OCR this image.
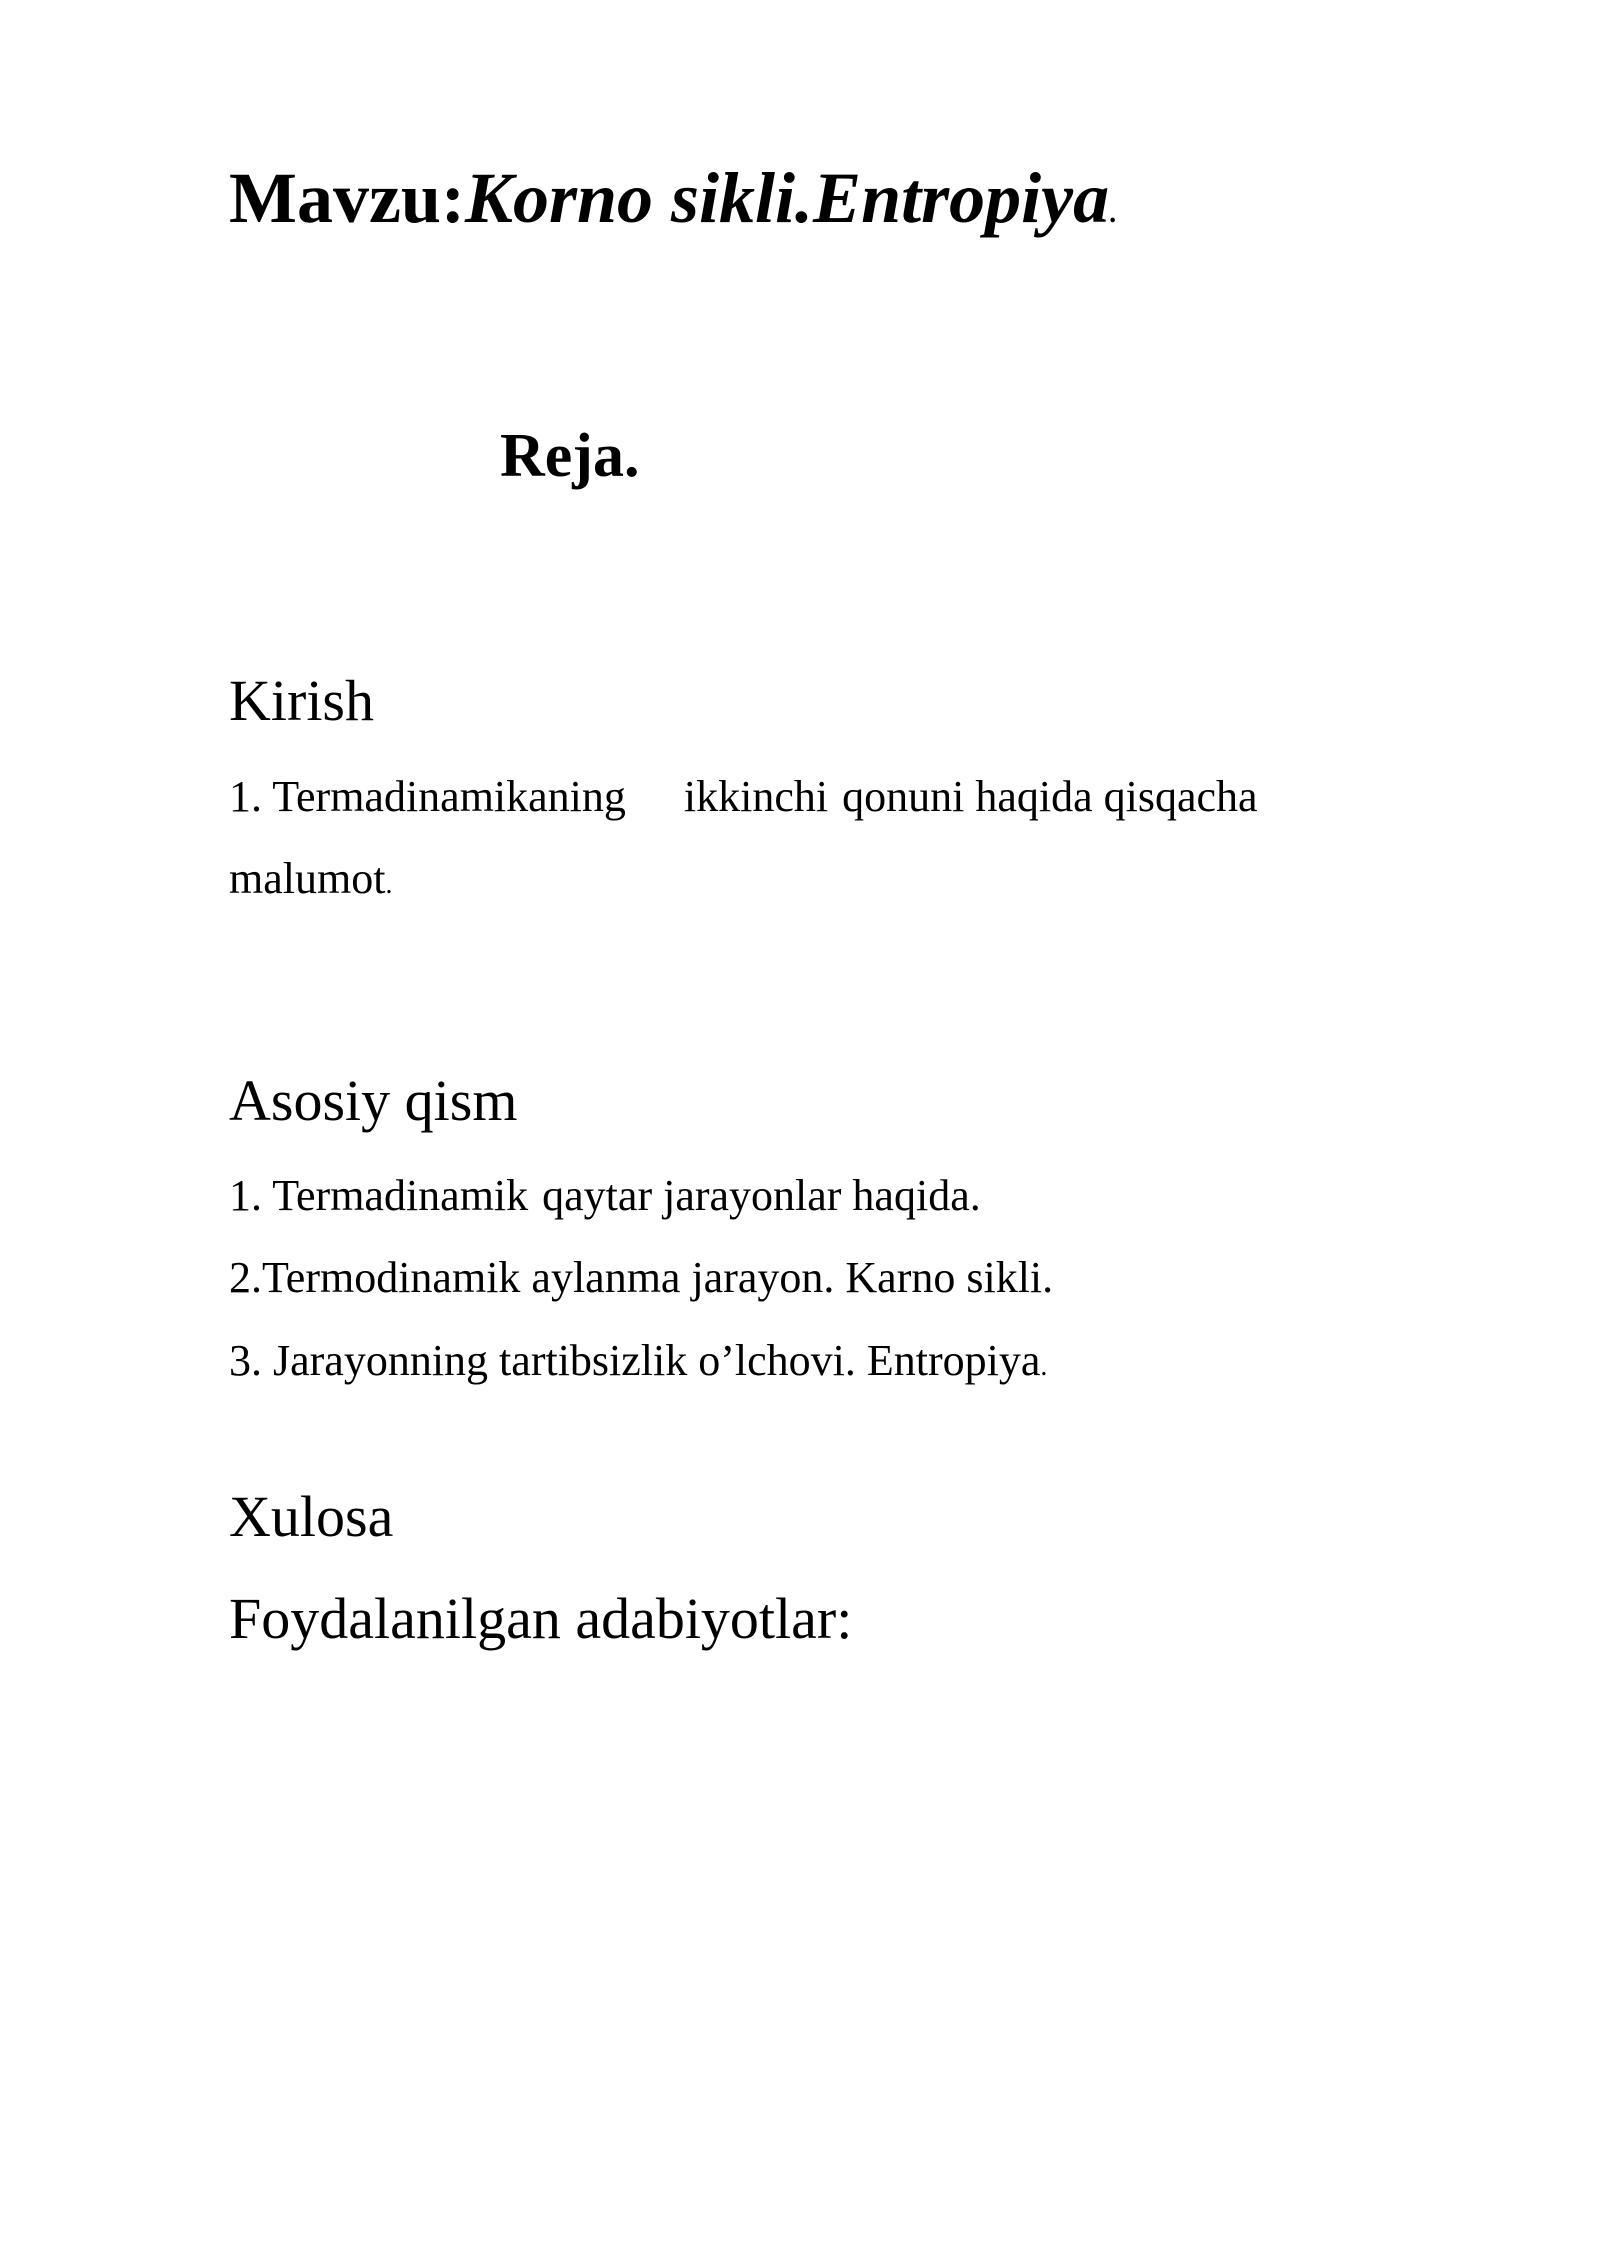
Mavzu:Korno sikli.Entropiya.
Reja.
Kirish
1. Termadinamikaning ikkinchi qonuni haqida qisqacha
malumot.
Asosiy qism
1. Termadinamik qaytar jarayonlar haqida.
2.Termodinamik aylanma jarayon. Karno sikli.
3. Jarayonning tartibsizlik o’lchovi. Entropiya.
Xulosa
Foydalanilgan adabiyotlar:
